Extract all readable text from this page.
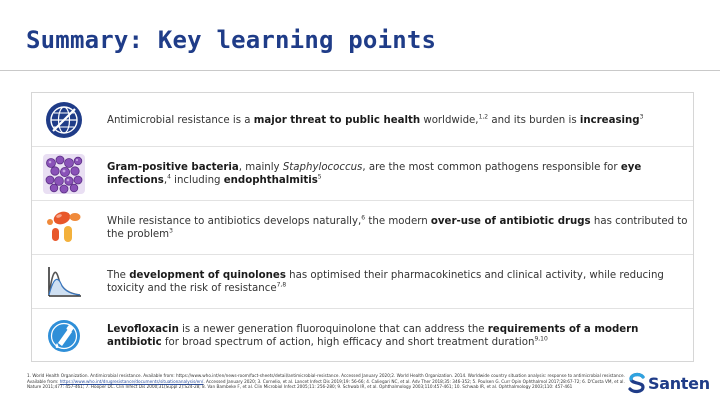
Summary: Key learning points
Antimicrobial resistance is a major threat to public health worldwide,$^{1,2}$ and its burden is increasing$^3$
Gram-positive bacteria, mainly Staphylococcus, are the most common pathogens responsible for eye infections,$^4$ including endophthalmitis$^5$
While resistance to antibiotics develops naturally,$^6$ the modern over-use of antibiotic drugs has contributed to the problem$^3$
The development of quinolones has optimised their pharmacokinetics and clinical activity, while reducing toxicity and the risk of resistance$^{7,8}$
Levofloxacin is a newer generation fluoroquinolone that can address the requirements of a modern antibiotic for broad spectrum of action, high efficacy and short treatment duration$^{9,10}$
1. World Health Organization. Antimicrobial resistance. Available from: https://www.who.int/en/news-room/fact-sheets/detail/antimicrobial-resistance. Accessed January 2020;2. World Health Organization. 2014. Worldwide country situation analysis: response to antimicrobial resistance. Available from: https://www.who.int/drugresistance/documents/situationanalysis/en/. Accessed January 2020; 3. Cornelio, et al. Lancet Infect Dis 2019;19: 56-66; 4. Caliegari NC, et al. Adv Ther 2018;35: 346-352; 5. Poulsen G. Curr Opin Ophthalmol 2017;28:67-72; 6. D'Costa VM, et al. Nature 2011;477: 457-461; 7. Hooper DC. Clin Infect Dis 2000;31(Suppl 2):S24-28; 8. Van Bambeke F, et al. Clin Microbiol Infect 2005;11: 256-280; 9. Schwab IR, et al. Ophthalmology 2003;110:457-461; 10. Schwab IR, et al. Ophthalmology 2003;110: 457-461	Santen
